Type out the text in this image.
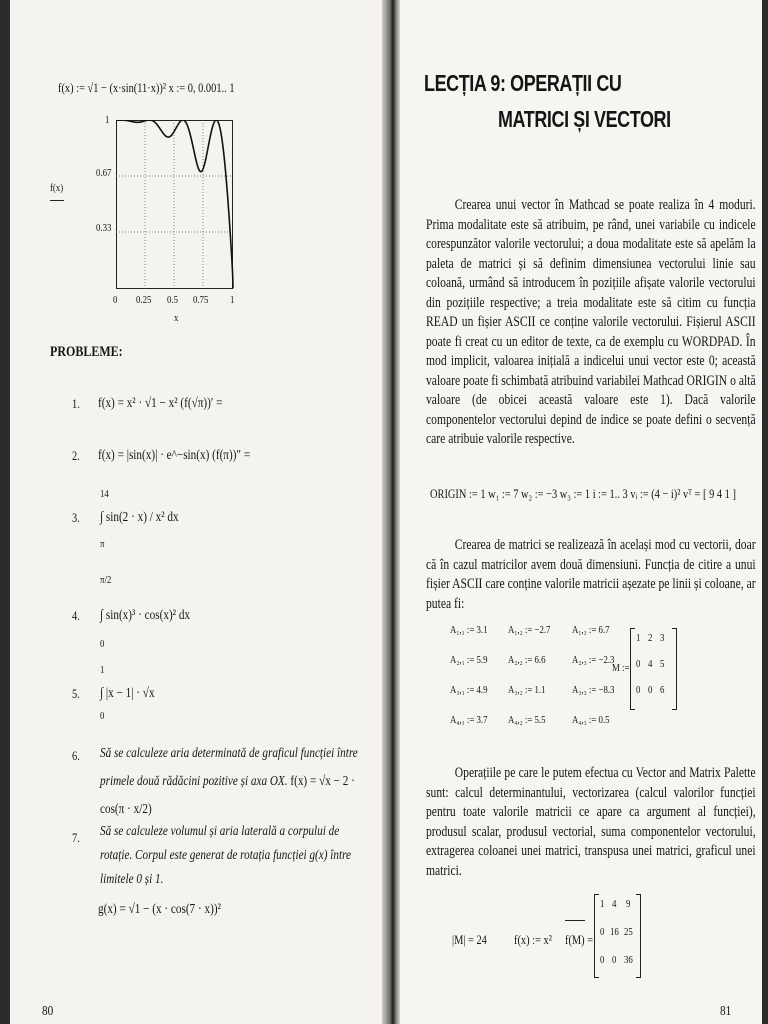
f(x) := √1 − (x·sin(11·x))² x := 0, 0.001.. 1
f(x)
1
0.67
0.33
0 0.25 0.5 0.75 1
x
PROBLEME:
1. f(x) = x² · √1 − x² (f(√π))′ =
2. f(x) = |sin(x)| · e^−sin(x) (f(π))″ =
3.
14
π
∫ sin(2 · x) / x² dx
4.
π/2
0
∫ sin(x)³ · cos(x)² dx
5.
1
0
∫ |x − 1| · √x
6. Să se calculeze aria determinată de graficul funcției între primele două rădăcini pozitive și axa OX. f(x) = √x − 2 · cos(π · x/2)
7. Să se calculeze volumul și aria laterală a corpului de rotație. Corpul este generat de rotația funcției g(x) între limitele 0 și 1.
g(x) = √1 − (x · cos(7 · x))²
80
LECȚIA 9: OPERAȚII CU
MATRICI ȘI VECTORI
Crearea unui vector în Mathcad se poate realiza în 4 moduri. Prima modalitate este să atribuim, pe rând, unei variabile cu indicele corespunzător valorile vectorului; a doua modalitate este să apelăm la paleta de matrici și să definim dimensiunea vectorului linie sau coloană, urmând să introducem în pozițiile afișate valorile vectorului din pozițiile respective; a treia modalitate este să citim cu funcția READ un fișier ASCII ce conține valorile vectorului. Fișierul ASCII poate fi creat cu un editor de texte, ca de exemplu cu WORDPAD. În mod implicit, valoarea inițială a indicelui unui vector este 0; această valoare poate fi schimbată atribuind variabilei Mathcad ORIGIN o altă valoare (de obicei această valoare este 1). Dacă valorile componentelor vectorului depind de indice se poate defini o secvență care atribuie valorile respective.
ORIGIN := 1 w₁ := 7 w₂ := −3 w₃ := 1 i := 1.. 3 vᵢ := (4 − i)² vᵀ = [ 9 4 1 ]
Crearea de matrici se realizează în același mod cu vectorii, doar că în cazul matricilor avem două dimensiuni. Funcția de citire a unui fișier ASCII care conține valorile matricii așezate pe linii și coloane, ar putea fi:
A₁,₁ := 3.1 A₁,₂ := −2.7 A₁,₃ := 6.7
A₂,₁ := 5.9 A₂,₂ := 6.6 A₂,₃ := −2.3
A₃,₁ := 4.9 A₃,₂ := 1.1 A₃,₃ := −8.3
A₄,₁ := 3.7 A₄,₂ := 5.5 A₄,₃ := 0.5
M :=
1 2 3
0 4 5
0 0 6
Operațiile pe care le putem efectua cu Vector and Matrix Palette sunt: calcul determinantului, vectorizarea (calcul valorilor funcției pentru toate valorile matricii ce apare ca argument al funcției), produsul scalar, produsul vectorial, suma componentelor vectorului, extragerea coloanei unei matrici, transpusa unei matrici, graficul unei matrici.
|M| = 24 f(x) := x² f(M) =
1 4 9
0 16 25
0 0 36
81
